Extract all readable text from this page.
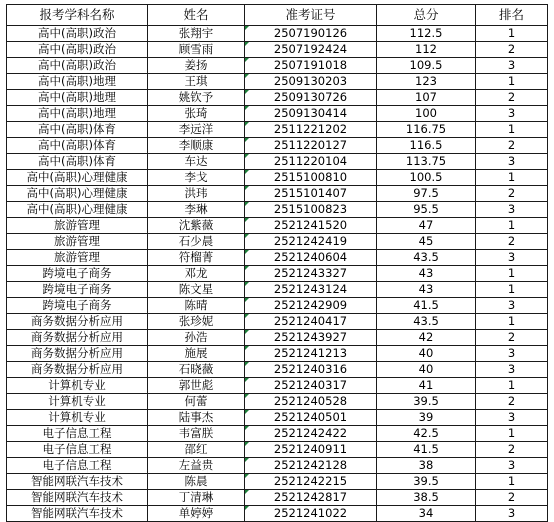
报考学科名称	姓名	准考证号	总分	排名
高中(高职)政治	张翔宇	2507190126	112.5	1
高中(高职)政治	顾雪雨	2507192424	112	2
高中(高职)政治	姜扬	2507191018	109.5	3
高中(高职)地理	王琪	2509130203	123	1
高中(高职)地理	姚钦予	2509130726	107	2
高中(高职)地理	张琦	2509130414	100	3
高中(高职)体育	李远洋	2511221202	116.75	1
高中(高职)体育	李顺康	2511220127	116.5	2
高中(高职)体育	车达	2511220104	113.75	3
高中(高职)心理健康	李戈	2515100810	100.5	1
高中(高职)心理健康	洪玮	2515101407	97.5	2
高中(高职)心理健康	李琳	2515100823	95.5	3
旅游管理	沈紫薇	2521241520	47	1
旅游管理	石少晨	2521242419	45	2
旅游管理	符榴菁	2521240604	43.5	3
跨境电子商务	邓龙	2521243327	43	1
跨境电子商务	陈文星	2521243124	43	1
跨境电子商务	陈晴	2521242909	41.5	3
商务数据分析应用	张珍妮	2521240417	43.5	1
商务数据分析应用	孙浩	2521243927	42	2
商务数据分析应用	施展	2521241213	40	3
商务数据分析应用	石晓薇	2521240316	40	3
计算机专业	郭世彪	2521240317	41	1
计算机专业	何蕾	2521240528	39.5	2
计算机专业	陆事杰	2521240501	39	3
电子信息工程	韦富朕	2521242422	42.5	1
电子信息工程	邵红	2521240911	41.5	2
电子信息工程	左益贵	2521242128	38	3
智能网联汽车技术	陈晨	2521242215	39.5	1
智能网联汽车技术	丁清琳	2521242817	38.5	2
智能网联汽车技术	单婷婷	2521241022	34	3
